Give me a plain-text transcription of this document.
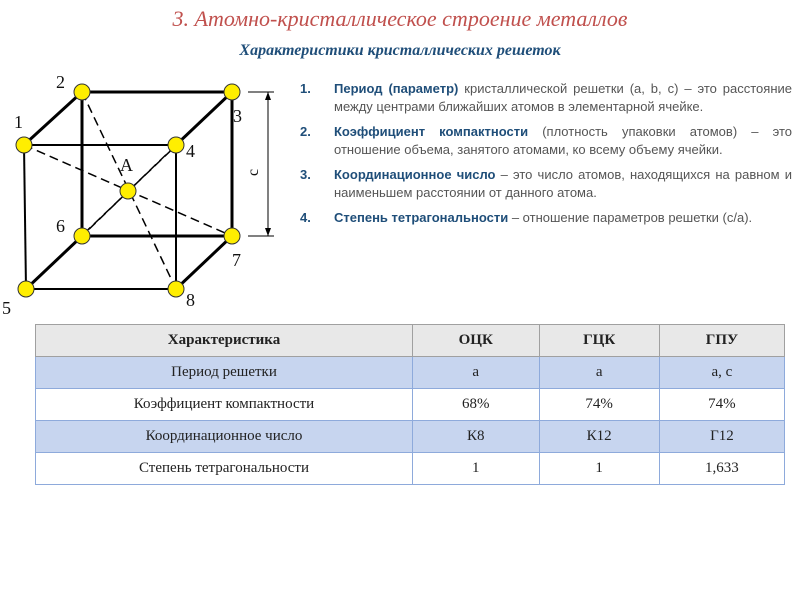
3. Атомно-кристаллическое строение металлов
Характеристики кристаллических решеток
1
2
3
4
5
6
7
8
A	c
1. Период (параметр) кристаллической решетки (a, b, c) – это расстояние между центрами ближайших атомов в элементарной ячейке.
2. Коэффициент компактности (плотность упаковки атомов) – это отношение объема, занятого атомами, ко всему объему ячейки.
3. Координационное число – это число атомов, находящихся на равном и наименьшем расстоянии от данного атома.
4. Степень тетрагональности – отношение параметров решетки (с/а).
Характеристика	ОЦК	ГЦК	ГПУ
Период решетки	а	а	а, с
Коэффициент компактности	68%	74%	74%
Координационное число	К8	К12	Г12
Степень тетрагональности	1	1	1,633
